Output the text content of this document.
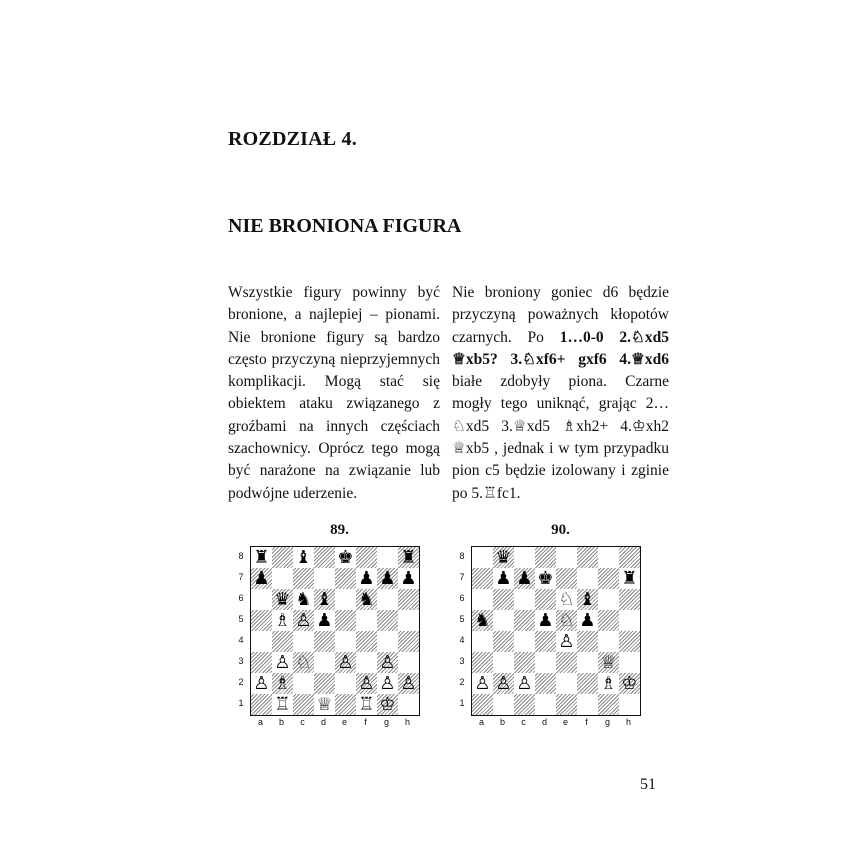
ROZDZIAŁ 4.
NIE BRONIONA FIGURA

Wszystkie figury powinny być bronione, a najlepiej – pionami. Nie bronione figury są bardzo często przyczyną nieprzyjemnych komplikacji. Mogą stać się obiektem ataku związanego z groźbami na innych częściach szachownicy. Oprócz tego mogą być narażone na związanie lub podwójne uderzenie.

Nie broniony goniec d6 będzie przyczyną poważnych kłopotów czarnych. Po 1…0-0 2.♘xd5 ♕xb5? 3.♘xf6+ gxf6 4.♕xd6 białe zdobyły piona. Czarne mogły tego uniknąć, grając 2… ♘xd5 3.♕xd5 ♗xh2+ 4.♔xh2 ♕xb5 , jednak i w tym przypadku pion c5 będzie izolowany i zginie po 5.♖fc1.

89.
8
7
6
5
4
3
2
1
♜ ♝ ♚	♜
♟	♟ ♟ ♟
♛ ♞ ♝ ♞
♗ ♙ ♟
♙ ♘ ♙ ♙
♙ ♗	♙ ♙ ♙
♖ ♕ ♖ ♔
a	b	c	d	e	f	g	h
90.
8
7
6
5
4
3
2
1
♛
♟ ♟ ♚	♜
♘ ♝
♞	♟ ♘ ♟
♙
♕
♙ ♙ ♙	♗ ♔
a	b	c	d	e	f	g	h

51
